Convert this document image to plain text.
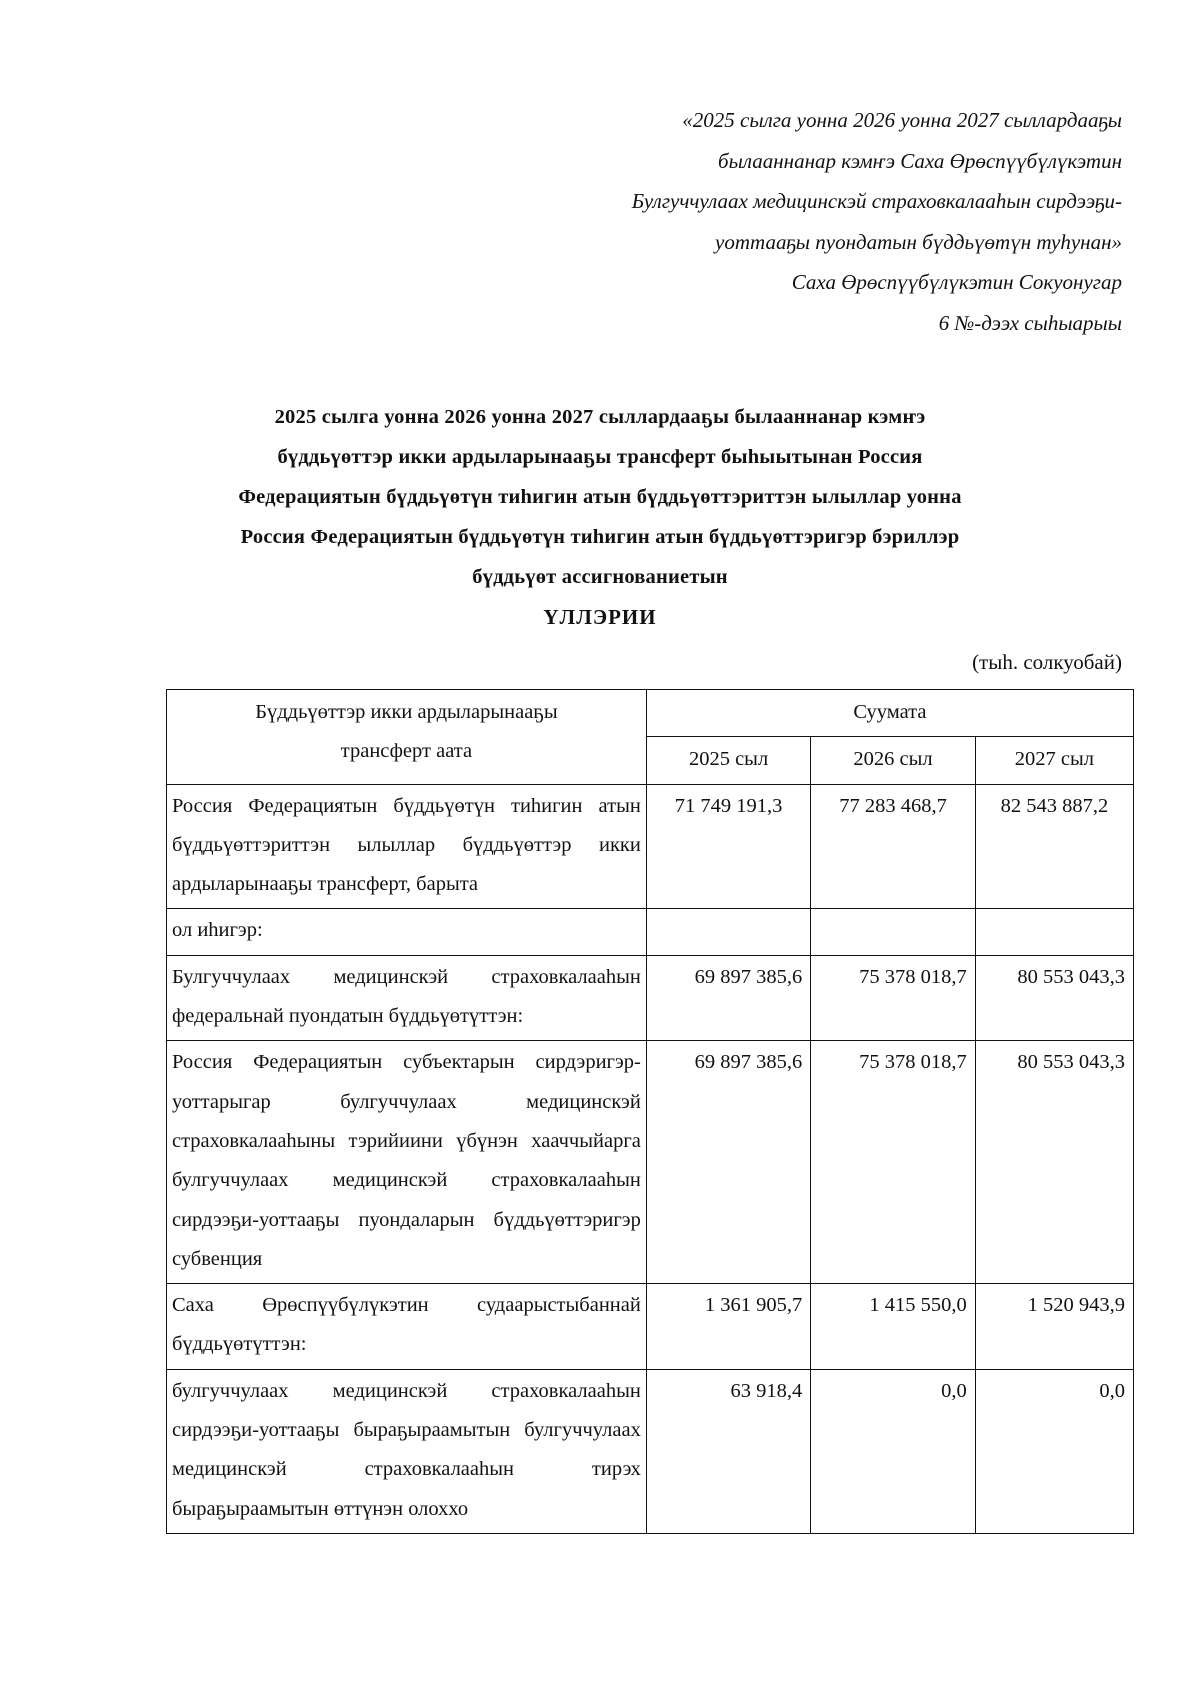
«2025 сылга уонна 2026 уонна 2027 сыллардааҕы
былааннанар кэмҥэ Саха Өрөспүүбүлүкэтин
Булгуччулаах медицинскэй страховкалааһын сирдээҕи-
уоттааҕы пуондатын бүддьүөтүн туһунан»
Саха Өрөспүүбүлүкэтин Сокуонугар
6 №-дээх сыһыарыы
2025 сылга уонна 2026 уонна 2027 сыллардааҕы былааннанар кэмҥэ
бүддьүөттэр икки ардыларынааҕы трансферт быһыытынан Россия
Федерациятын бүддьүөтүн тиһигин атын бүддьүөттэриттэн ылыллар уонна
Россия Федерациятын бүддьүөтүн тиһигин атын бүддьүөттэригэр бэриллэр
бүддьүөт ассигнованиетын
ҮЛЛЭРИИ
(тыһ. солкуобай)
Бүддьүөттэр икки ардыларынааҕы
трансферт аата	Суумата		
	2025 сыл	2026 сыл	2027 сыл
Россия Федерациятын бүддьүөтүн тиһигин атын бүддьүөттэриттэн ылыллар бүддьүөттэр икки ардыларынааҕы трансферт, барыта	71 749 191,3	77 283 468,7	82 543 887,2
ол иһигэр:			
Булгуччулаах медицинскэй страховкалааһын федеральнай пуондатын бүддьүөтүттэн:	69 897 385,6	75 378 018,7	80 553 043,3
Россия Федерациятын субъектарын сирдэригэр-уоттарыгар булгуччулаах медицинскэй страховкалааһыны тэрийиини үбүнэн хааччыйарга булгуччулаах медицинскэй страховкалааһын сирдээҕи-уоттааҕы пуондаларын бүддьүөттэригэр субвенция	69 897 385,6	75 378 018,7	80 553 043,3
Саха Өрөспүүбүлүкэтин судаарыстыбаннай бүддьүөтүттэн:	1 361 905,7	1 415 550,0	1 520 943,9
булгуччулаах медицинскэй страховкалааһын сирдээҕи-уоттааҕы быраҕыраамытын булгуччулаах медицинскэй страховкалааһын тирэх быраҕыраамытын өттүнэн олоххо	63 918,4	0,0	0,0
